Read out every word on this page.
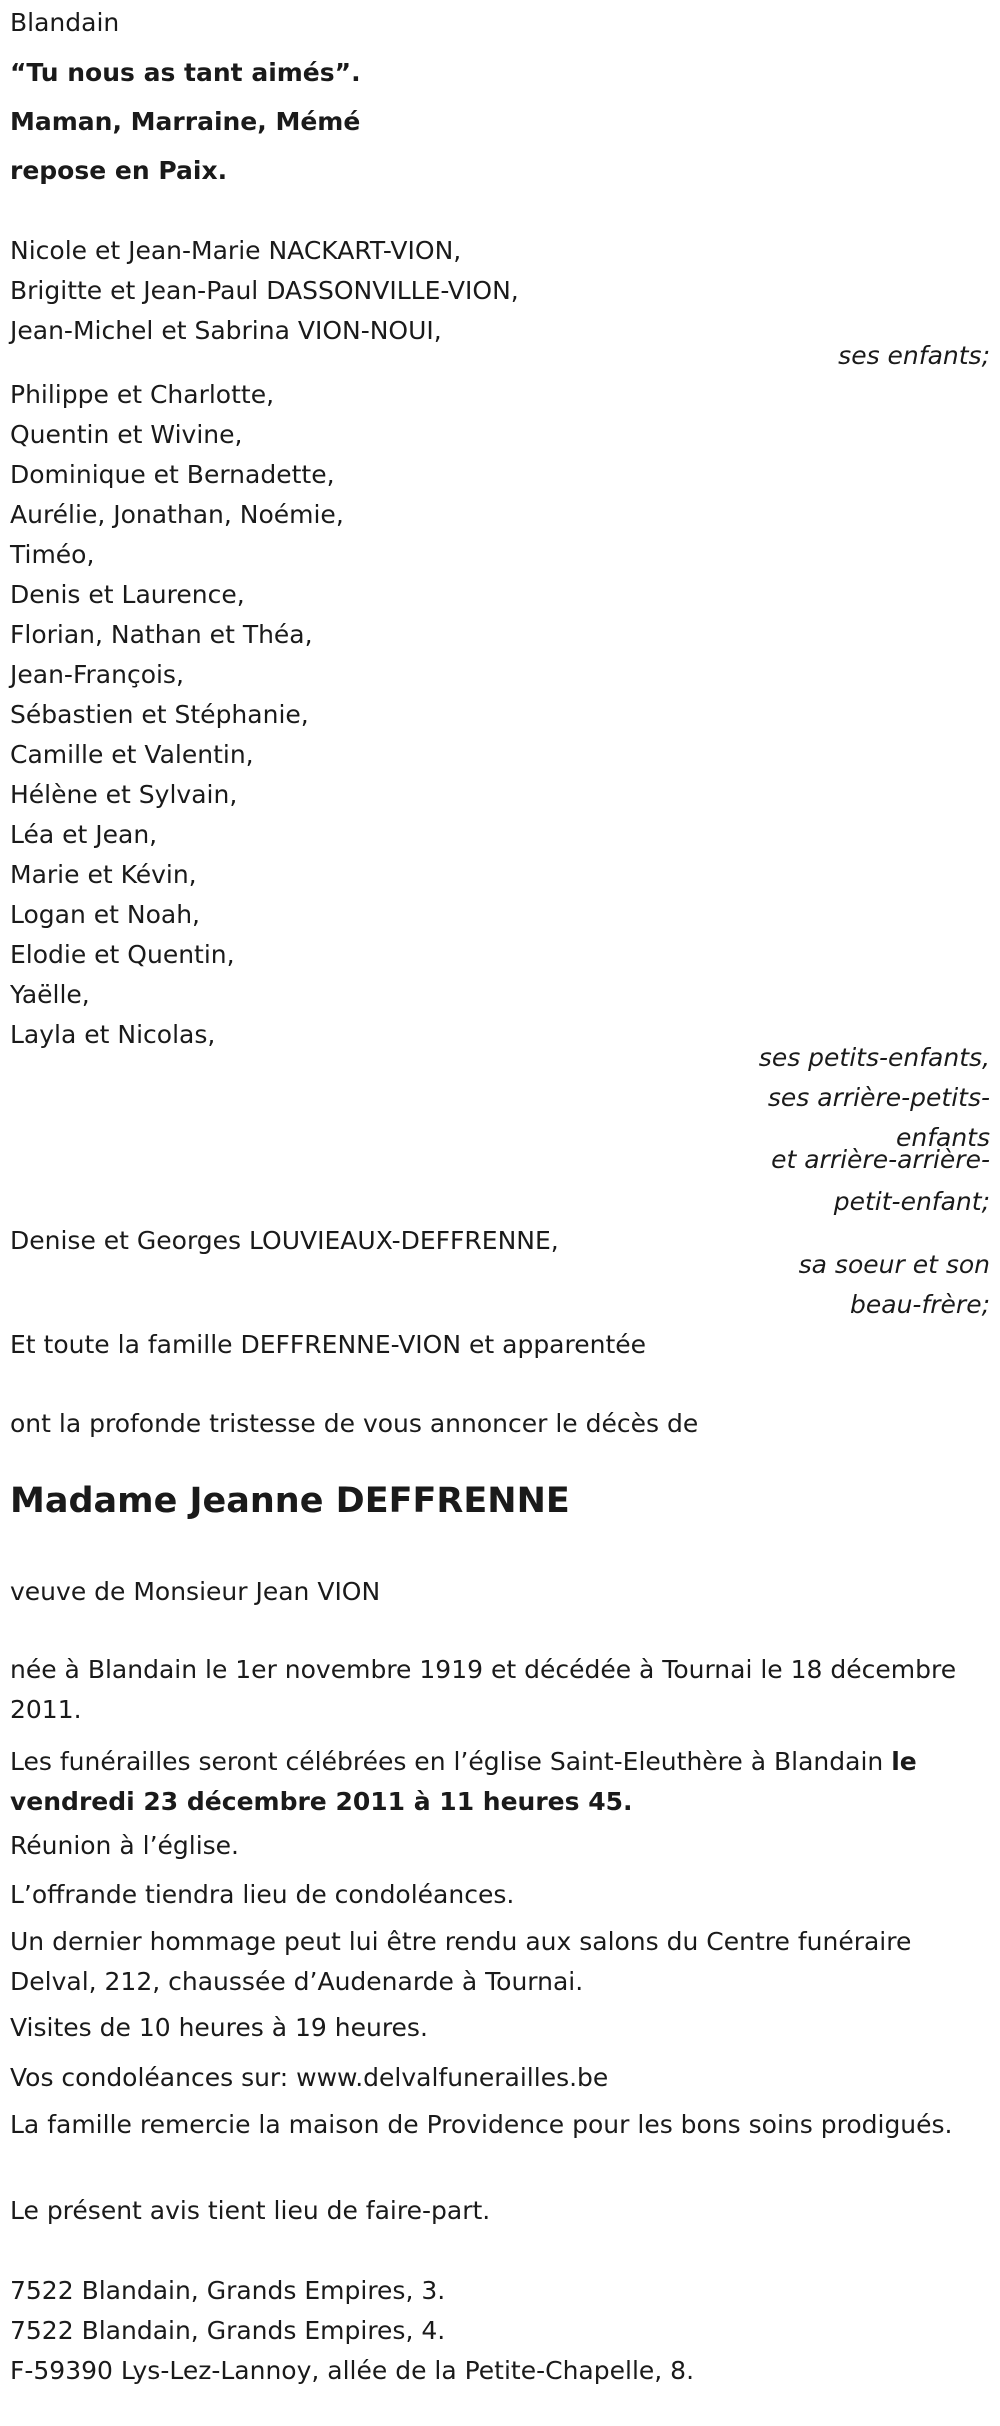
Blandain
“Tu nous as tant aimés”.
Maman, Marraine, Mémé
repose en Paix.
Nicole et Jean-Marie NACKART-VION,
Brigitte et Jean-Paul DASSONVILLE-VION,
Jean-Michel et Sabrina VION-NOUI,
ses enfants;
Philippe et Charlotte,
Quentin et Wivine,
Dominique et Bernadette,
Aurélie, Jonathan, Noémie,
Timéo,
Denis et Laurence,
Florian, Nathan et Théa,
Jean-François,
Sébastien et Stéphanie,
Camille et Valentin,
Hélène et Sylvain,
Léa et Jean,
Marie et Kévin,
Logan et Noah,
Elodie et Quentin,
Yaëlle,
Layla et Nicolas,
ses petits-enfants,
ses arrière-petits-
enfants
et arrière-arrière-
petit-enfant;
Denise et Georges LOUVIEAUX-DEFFRENNE,
sa soeur et son
beau-frère;
Et toute la famille DEFFRENNE-VION et apparentée
ont la profonde tristesse de vous annoncer le décès de
Madame Jeanne DEFFRENNE
veuve de Monsieur Jean VION
née à Blandain le 1er novembre 1919 et décédée à Tournai le 18 décembre 2011.
Les funérailles seront célébrées en l’église Saint-Eleuthère à Blandain le vendredi 23 décembre 2011 à 11 heures 45.
Réunion à l’église.
L’offrande tiendra lieu de condoléances.
Un dernier hommage peut lui être rendu aux salons du Centre funéraire Delval, 212, chaussée d’Audenarde à Tournai.
Visites de 10 heures à 19 heures.
Vos condoléances sur: www.delvalfunerailles.be
La famille remercie la maison de Providence pour les bons soins prodigués.
Le présent avis tient lieu de faire-part.
7522 Blandain, Grands Empires, 3.
7522 Blandain, Grands Empires, 4.
F-59390 Lys-Lez-Lannoy, allée de la Petite-Chapelle, 8.
